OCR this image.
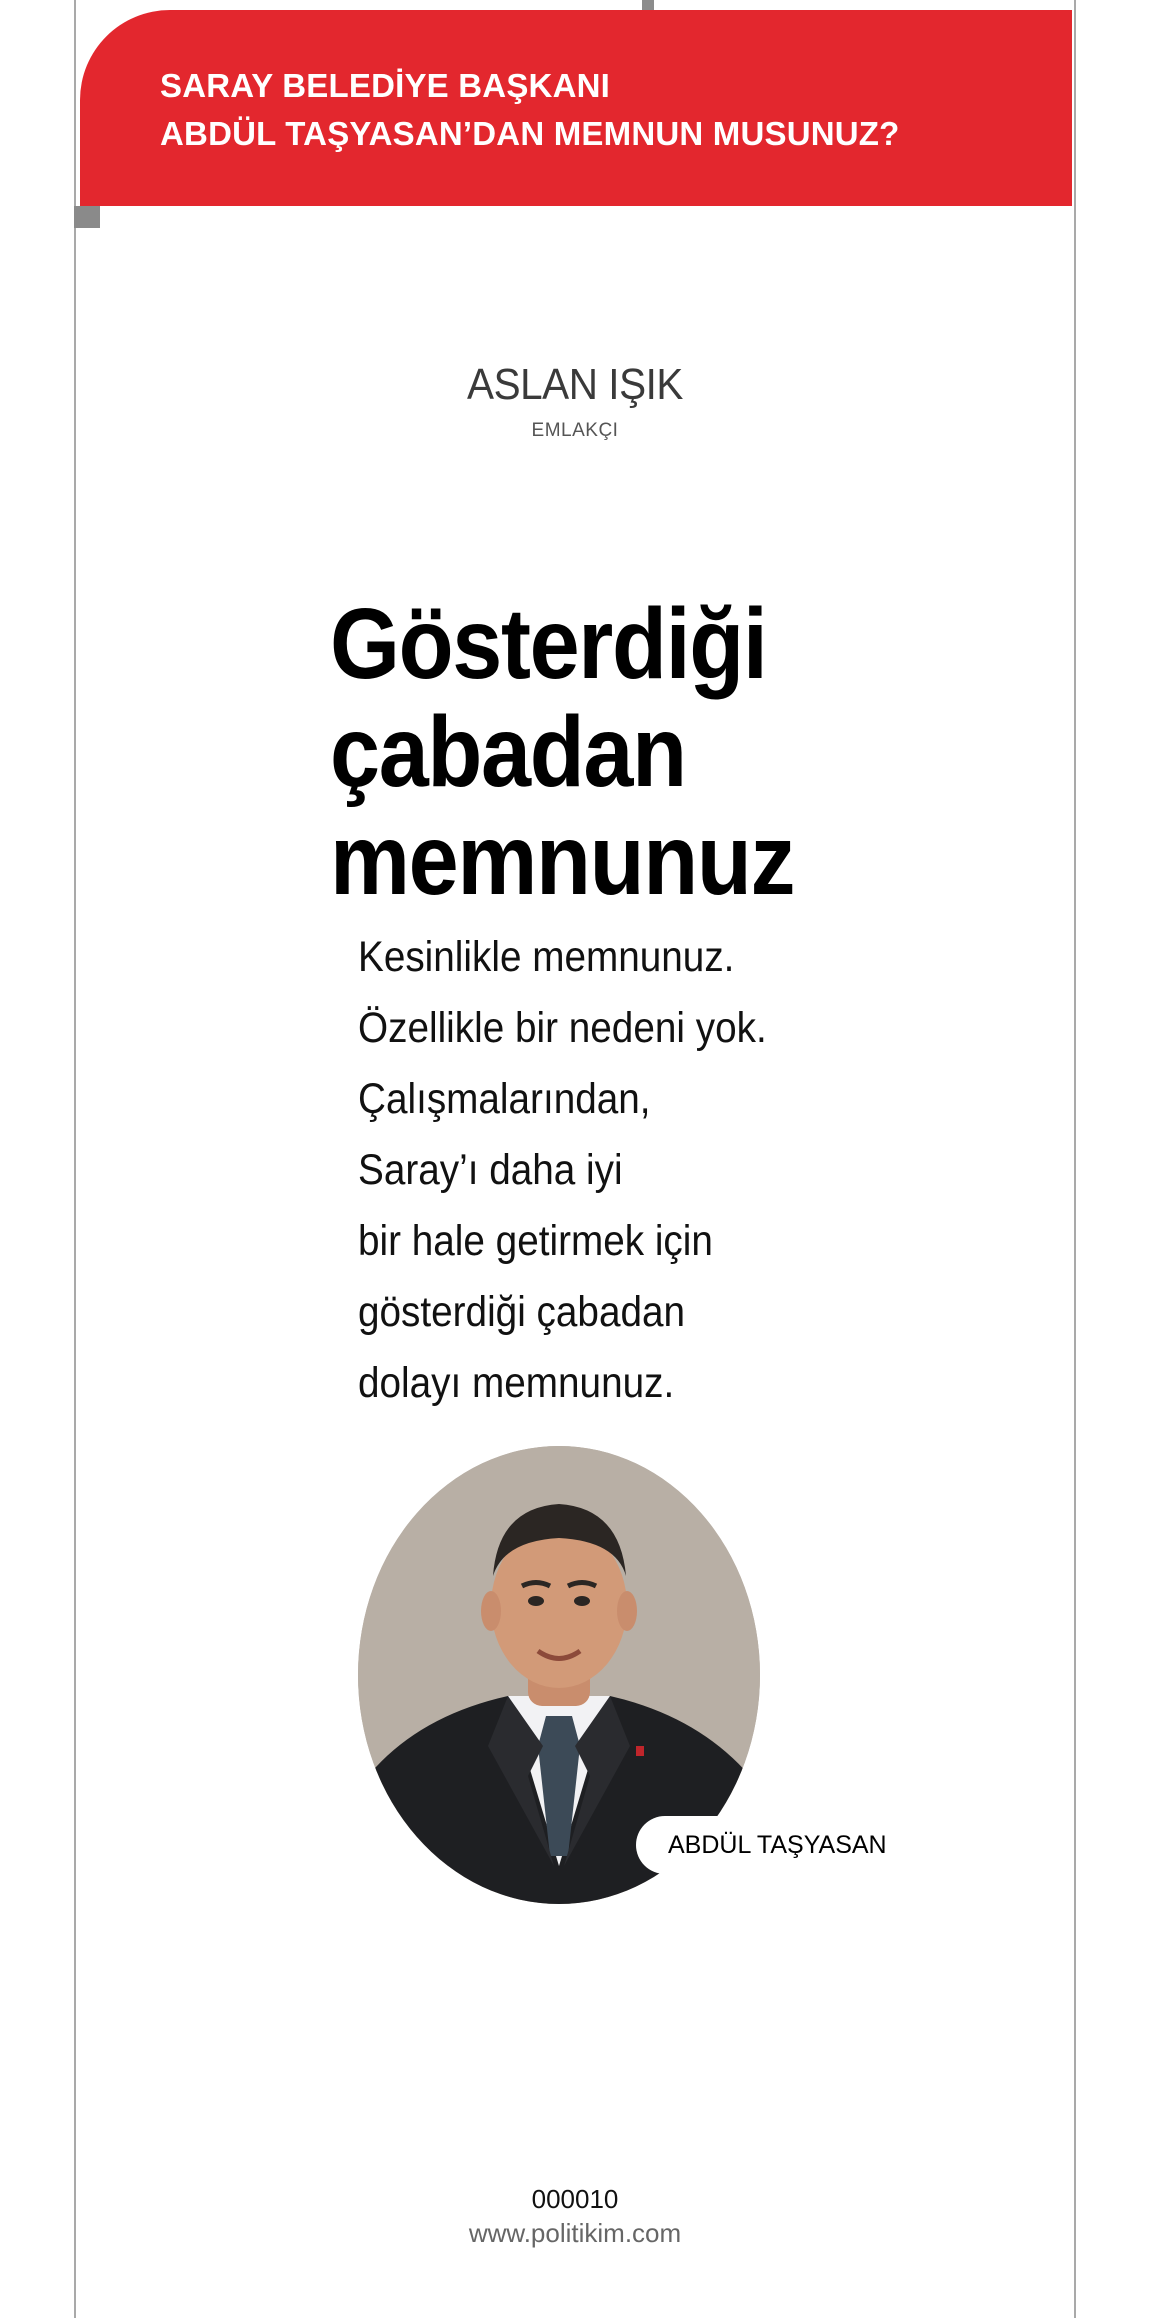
SARAY BELEDİYE BAŞKANI
ABDÜL TAŞYASAN’DAN MEMNUN MUSUNUZ?
ASLAN IŞIK
EMLAKÇI
Gösterdiği
çabadan
memnunuz
Kesinlikle memnunuz.
Özellikle bir nedeni yok.
Çalışmalarından,
Saray’ı daha iyi
bir hale getirmek için
gösterdiği çabadan
dolayı memnunuz.
ABDÜL TAŞYASAN
000010
www.politikim.com
